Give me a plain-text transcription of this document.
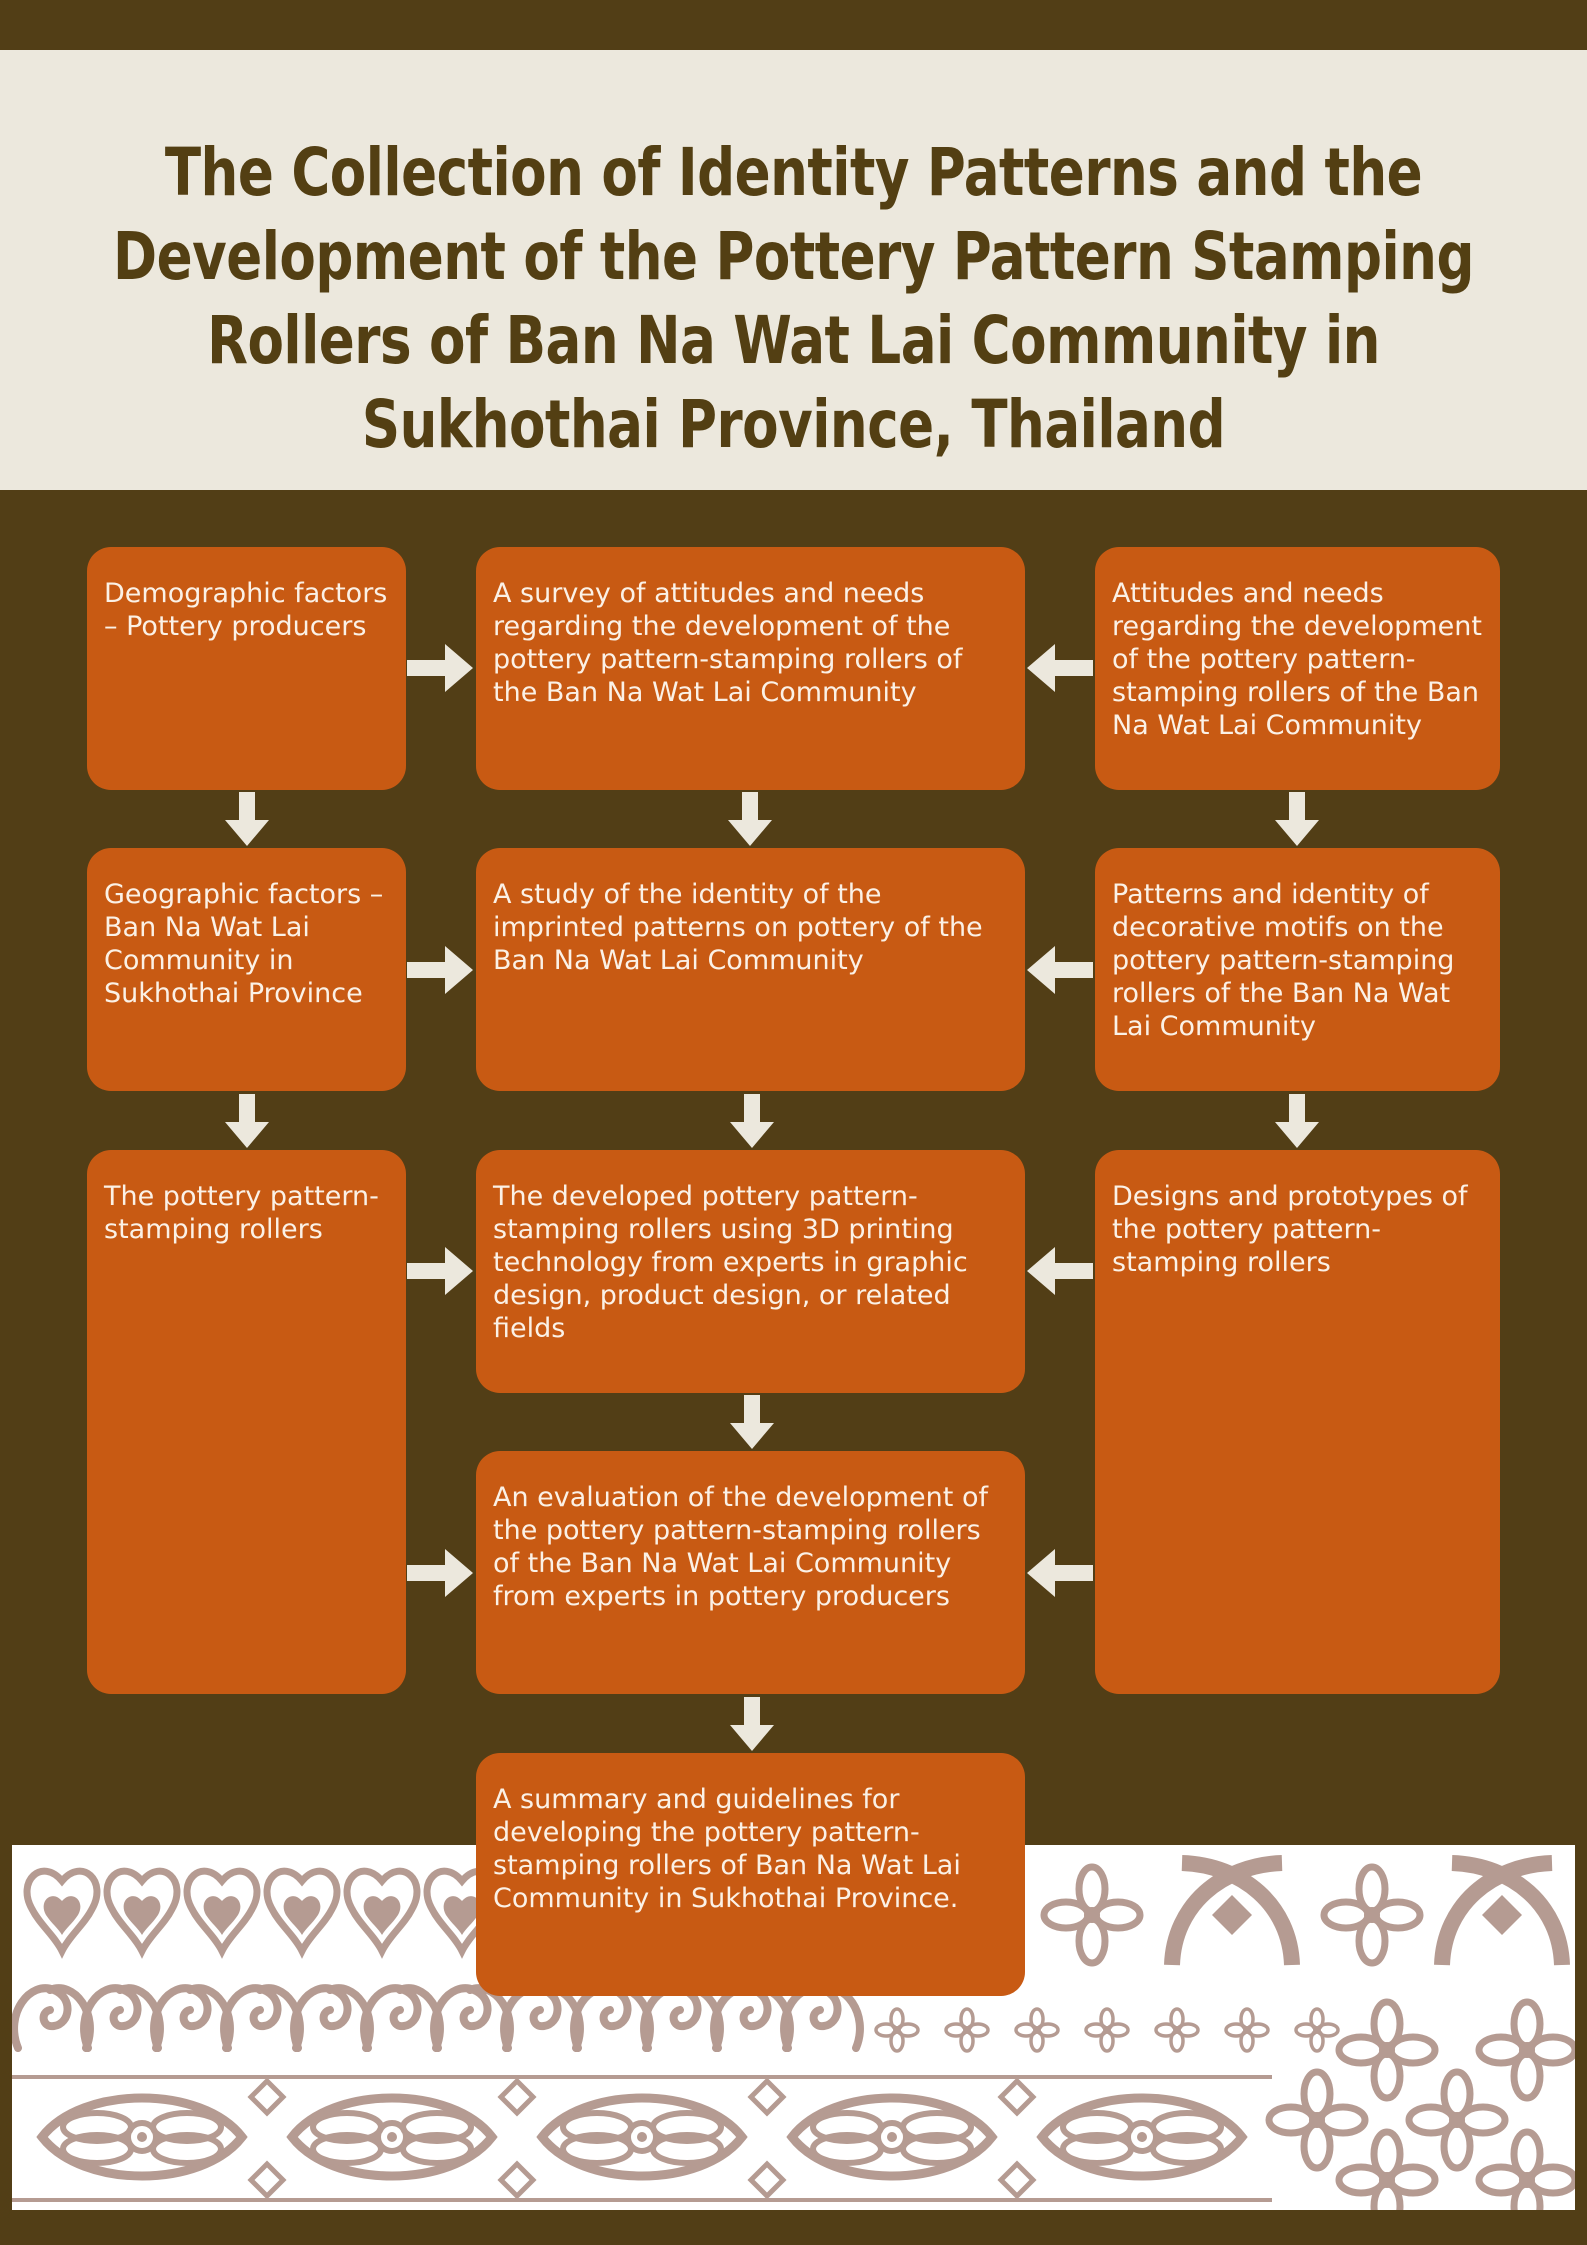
The Collection of Identity Patterns and the Development of the Pottery Pattern Stamping Rollers of Ban Na Wat Lai Community in Sukhothai Province, Thailand
Demographic factors – Pottery producers
A survey of attitudes and needs regarding the development of the pottery pattern-stamping rollers of the Ban Na Wat Lai Community
Attitudes and needs regarding the development of the pottery pattern-stamping rollers of the Ban Na Wat Lai Community
Geographic factors – Ban Na Wat Lai Community in Sukhothai Province
A study of the identity of the imprinted patterns on pottery of the Ban Na Wat Lai Community
Patterns and identity of decorative motifs on the pottery pattern-stamping rollers of the Ban Na Wat Lai Community
The pottery pattern-stamping rollers
The developed pottery pattern-stamping rollers using 3D printing technology from experts in graphic design, product design, or related fields
Designs and prototypes of the pottery pattern-stamping rollers
An evaluation of the development of the pottery pattern-stamping rollers of the Ban Na Wat Lai Community from experts in pottery producers
A summary and guidelines for developing the pottery pattern-stamping rollers of Ban Na Wat Lai Community in Sukhothai Province.
